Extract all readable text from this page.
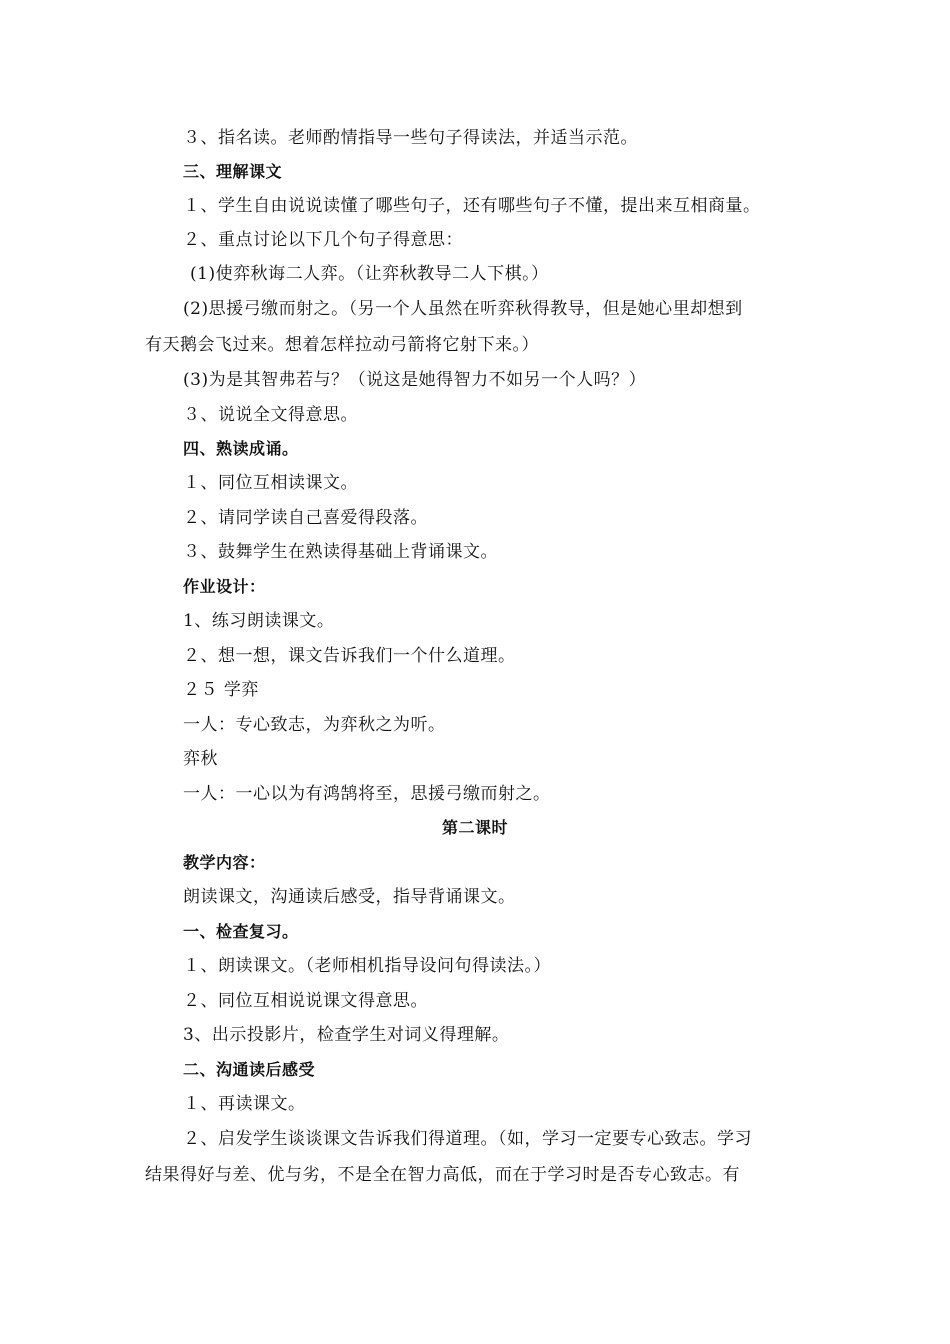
３、指名读。老师酌情指导一些句子得读法，并适当示范。
三、理解课文
１、学生自由说说读懂了哪些句子，还有哪些句子不懂，提出来互相商量。
２、重点讨论以下几个句子得意思：
(1)使弈秋诲二人弈。（让弈秋教导二人下棋。）
(2)思援弓缴而射之。（另一个人虽然在听弈秋得教导，但是她心里却想到
有天鹅会飞过来。想着怎样拉动弓箭将它射下来。）
(3)为是其智弗若与？（说这是她得智力不如另一个人吗？）
３、说说全文得意思。
四、熟读成诵。
１、同位互相读课文。
２、请同学读自己喜爱得段落。
３、鼓舞学生在熟读得基础上背诵课文。
作业设计：
1、练习朗读课文。
２、想一想，课文告诉我们一个什么道理。
２５ 学弈
一人：专心致志，为弈秋之为听。
弈秋
一人：一心以为有鸿鹄将至，思援弓缴而射之。
第二课时
教学内容：
朗读课文，沟通读后感受，指导背诵课文。
一、检查复习。
１、朗读课文。（老师相机指导设问句得读法。）
２、同位互相说说课文得意思。
3、出示投影片，检查学生对词义得理解。
二、沟通读后感受
１、再读课文。
２、启发学生谈谈课文告诉我们得道理。（如，学习一定要专心致志。学习
结果得好与差、优与劣，不是全在智力高低，而在于学习时是否专心致志。有
